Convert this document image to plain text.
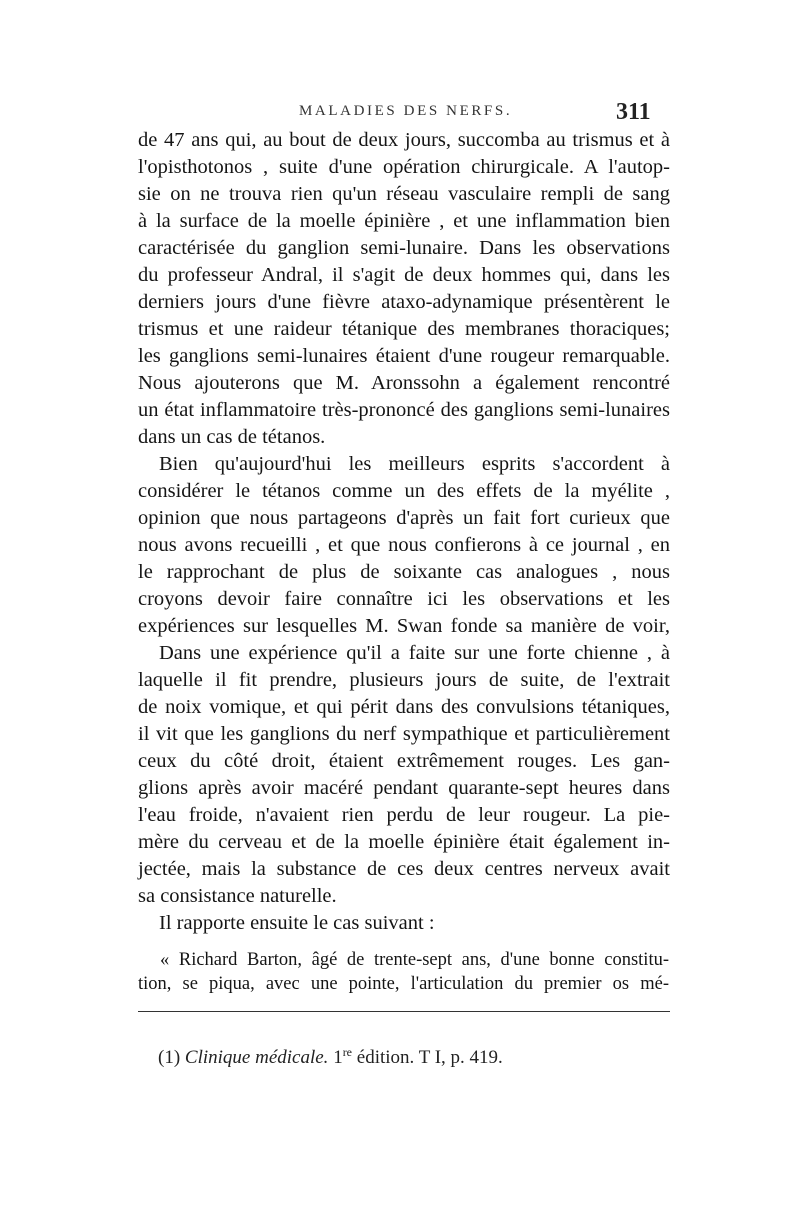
MALADIES DES NERFS.	311
de 47 ans qui, au bout de deux jours, succomba au trismus et à
l'opisthotonos , suite d'une opération chirurgicale. A l'autop-
sie on ne trouva rien qu'un réseau vasculaire rempli de sang
à la surface de la moelle épinière , et une inflammation bien
caractérisée du ganglion semi-lunaire. Dans les observations
du professeur Andral, il s'agit de deux hommes qui, dans les
derniers jours d'une fièvre ataxo-adynamique présentèrent le
trismus et une raideur tétanique des membranes thoraciques;
les ganglions semi-lunaires étaient d'une rougeur remarquable.
Nous ajouterons que M. Aronssohn a également rencontré
un état inflammatoire très-prononcé des ganglions semi-lunaires
dans un cas de tétanos.
Bien qu'aujourd'hui les meilleurs esprits s'accordent à
considérer le tétanos comme un des effets de la myélite ,
opinion que nous partageons d'après un fait fort curieux que
nous avons recueilli , et que nous confierons à ce journal , en
le rapprochant de plus de soixante cas analogues , nous
croyons devoir faire connaître ici les observations et les
expériences sur lesquelles M. Swan fonde sa manière de voir,
Dans une expérience qu'il a faite sur une forte chienne , à
laquelle il fit prendre, plusieurs jours de suite, de l'extrait
de noix vomique, et qui périt dans des convulsions tétaniques,
il vit que les ganglions du nerf sympathique et particulièrement
ceux du côté droit, étaient extrêmement rouges. Les gan-
glions après avoir macéré pendant quarante-sept heures dans
l'eau froide, n'avaient rien perdu de leur rougeur. La pie-
mère du cerveau et de la moelle épinière était également in-
jectée, mais la substance de ces deux centres nerveux avait
sa consistance naturelle.
Il rapporte ensuite le cas suivant :
« Richard Barton, âgé de trente-sept ans, d'une bonne constitu-
tion, se piqua, avec une pointe, l'articulation du premier os mé-
(1) Clinique médicale. 1re édition. T I, p. 419.
